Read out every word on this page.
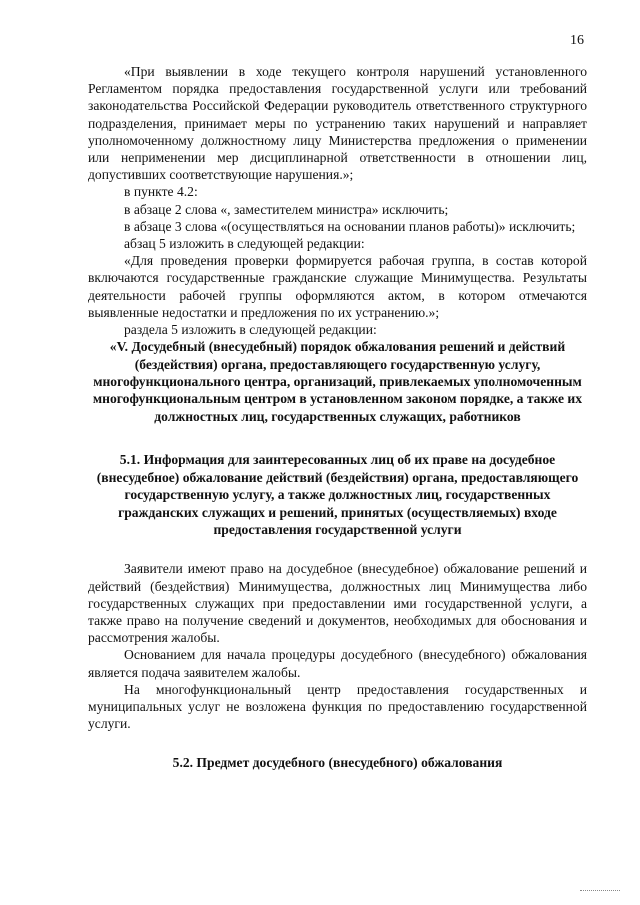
16

«При выявлении в ходе текущего контроля нарушений установленного Регламентом порядка предоставления государственной услуги или требований законодательства Российской Федерации руководитель ответственного структурного подразделения, принимает меры по устранению таких нарушений и направляет уполномоченному должностному лицу Министерства предложения о применении или неприменении мер дисциплинарной ответственности в отношении лиц, допустивших соответствующие нарушения.»;

в пункте 4.2:

в абзаце 2 слова «, заместителем министра» исключить;

в абзаце 3 слова «(осуществляться на основании планов работы)» исключить;

абзац 5 изложить в следующей редакции:

«Для проведения проверки формируется рабочая группа, в состав которой включаются государственные гражданские служащие Минимущества. Результаты деятельности рабочей группы оформляются актом, в котором отмечаются выявленные недостатки и предложения по их устранению.»;

раздела 5 изложить в следующей редакции:

«V. Досудебный (внесудебный) порядок обжалования решений и действий (бездействия) органа, предоставляющего государственную услугу, многофункционального центра, организаций, привлекаемых уполномоченным многофункциональным центром в установленном законом порядке, а также их должностных лиц, государственных служащих, работников

5.1. Информация для заинтересованных лиц об их праве на досудебное (внесудебное) обжалование действий (бездействия) органа, предоставляющего государственную услугу, а также должностных лиц, государственных гражданских служащих и решений, принятых (осуществляемых) входе предоставления государственной услуги

Заявители имеют право на досудебное (внесудебное) обжалование решений и действий (бездействия) Минимущества, должностных лиц Минимущества либо государственных служащих при предоставлении ими государственной услуги, а также право на получение сведений и документов, необходимых для обоснования и рассмотрения жалобы.

Основанием для начала процедуры досудебного (внесудебного) обжалования является подача заявителем жалобы.

На многофункциональный центр предоставления государственных и муниципальных услуг не возложена функция по предоставлению государственной услуги.

5.2. Предмет досудебного (внесудебного) обжалования
